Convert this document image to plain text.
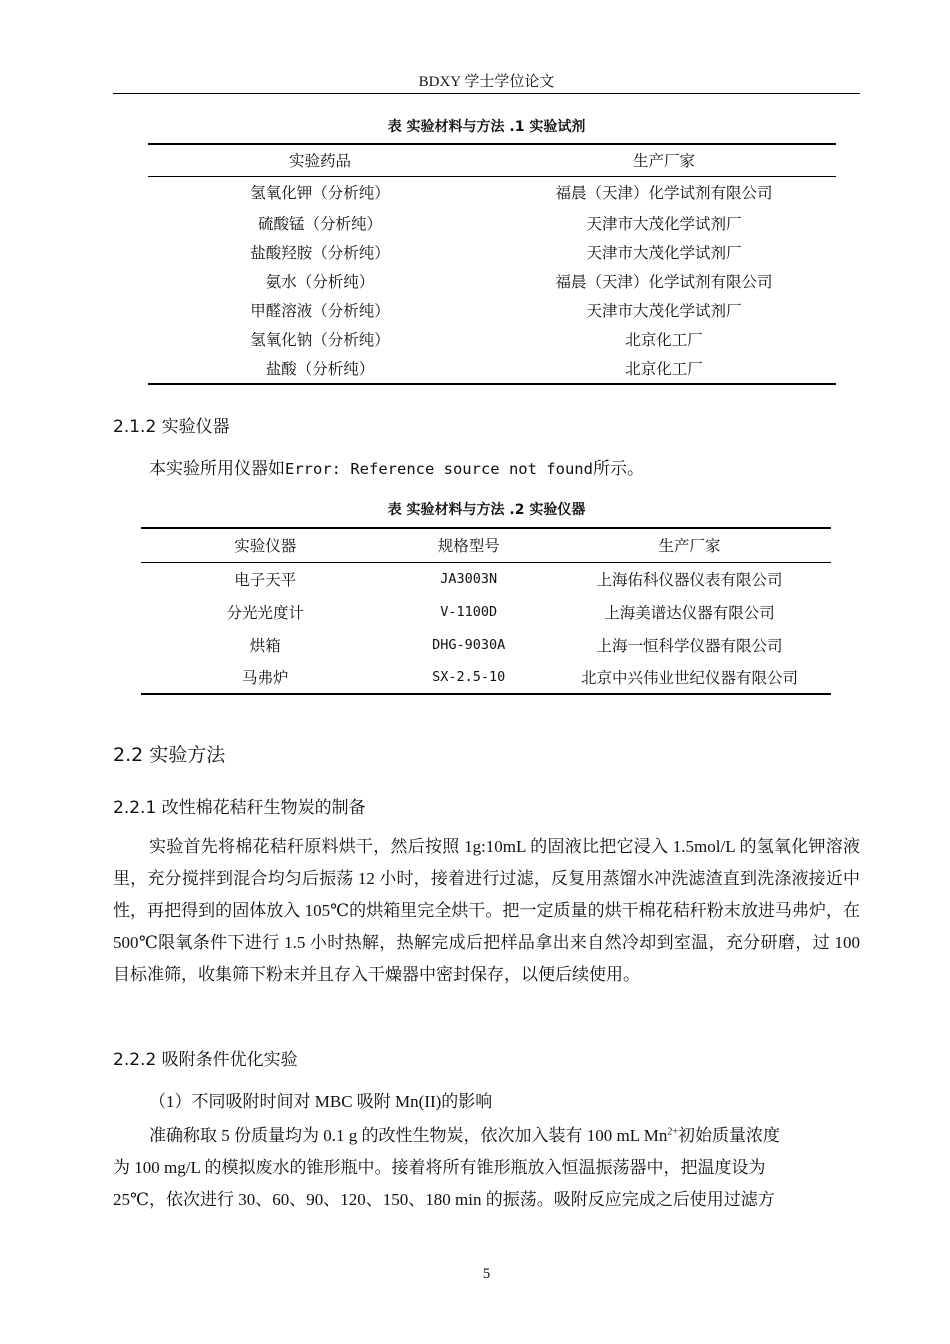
BDXY 学士学位论文
表 实验材料与方法 .1 实验试剂
实验药品	生产厂家
氢氧化钾（分析纯）	福晨（天津）化学试剂有限公司
硫酸锰（分析纯）	天津市大茂化学试剂厂
盐酸羟胺（分析纯）	天津市大茂化学试剂厂
氨水（分析纯）	福晨（天津）化学试剂有限公司
甲醛溶液（分析纯）	天津市大茂化学试剂厂
氢氧化钠（分析纯）	北京化工厂
盐酸（分析纯）	北京化工厂
2.1.2 实验仪器
本实验所用仪器如Error: Reference source not found所示。
表 实验材料与方法 .2 实验仪器
实验仪器	规格型号	生产厂家
电子天平	JA3003N	上海佑科仪器仪表有限公司
分光光度计	V-1100D	上海美谱达仪器有限公司
烘箱	DHG-9030A	上海一恒科学仪器有限公司
马弗炉	SX-2.5-10	北京中兴伟业世纪仪器有限公司
2.2 实验方法
2.2.1 改性棉花秸秆生物炭的制备

实验首先将棉花秸秆原料烘干，然后按照 1g:10mL 的固液比把它浸入 1.5mol/L 的氢氧化钾溶液里，充分搅拌到混合均匀后振荡 12 小时，接着进行过滤，反复用蒸馏水冲洗滤渣直到洗涤液接近中性，再把得到的固体放入 105℃的烘箱里完全烘干。把一定质量的烘干棉花秸秆粉末放进马弗炉，在 500℃限氧条件下进行 1.5 小时热解，热解完成后把样品拿出来自然冷却到室温，充分研磨，过 100 目标准筛，收集筛下粉末并且存入干燥器中密封保存，以便后续使用。

2.2.2 吸附条件优化实验
（1）不同吸附时间对 MBC 吸附 Mn(II)的影响
准确称取 5 份质量均为 0.1 g 的改性生物炭，依次加入装有 100 mL $Mn^{2+}$初始质量浓度
为 100 mg/L 的模拟废水的锥形瓶中。接着将所有锥形瓶放入恒温振荡器中，把温度设为
25℃，依次进行 30、60、90、120、150、180 min 的振荡。吸附反应完成之后使用过滤方
5
